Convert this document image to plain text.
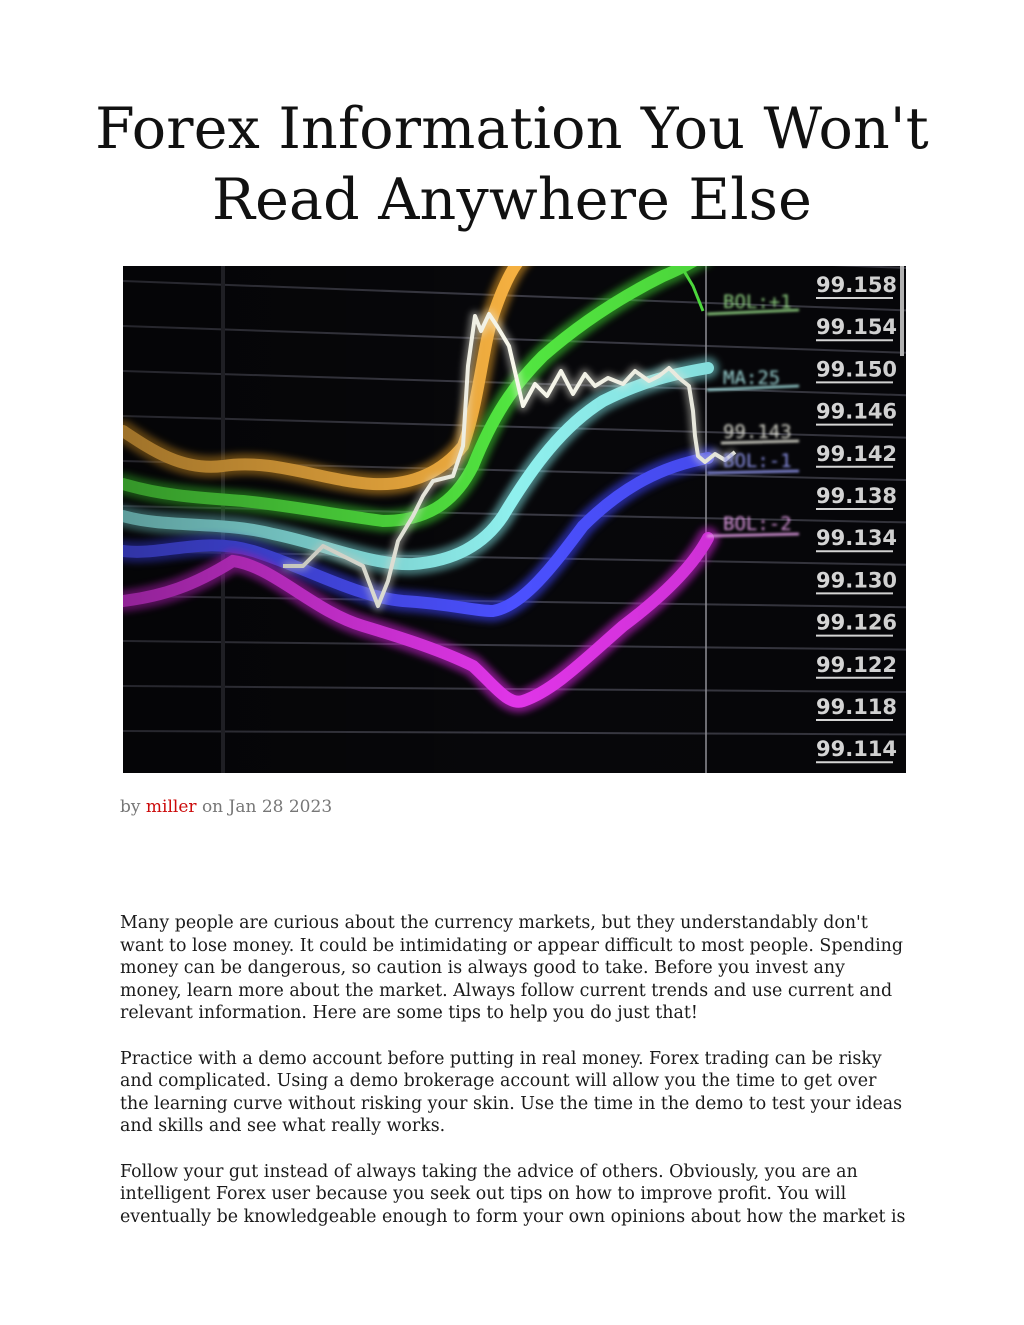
Forex Information You Won't Read Anywhere Else
by miller on Jan 28 2023

Many people are curious about the currency markets, but they understandably don't want to lose money. It could be intimidating or appear difficult to most people. Spending money can be dangerous, so caution is always good to take. Before you invest any money, learn more about the market. Always follow current trends and use current and relevant information. Here are some tips to help you do just that!

Practice with a demo account before putting in real money. Forex trading can be risky and complicated. Using a demo brokerage account will allow you the time to get over the learning curve without risking your skin. Use the time in the demo to test your ideas and skills and see what really works.

Follow your gut instead of always taking the advice of others. Obviously, you are an intelligent Forex user because you seek out tips on how to improve profit. You will eventually be knowledgeable enough to form your own opinions about how the market is
